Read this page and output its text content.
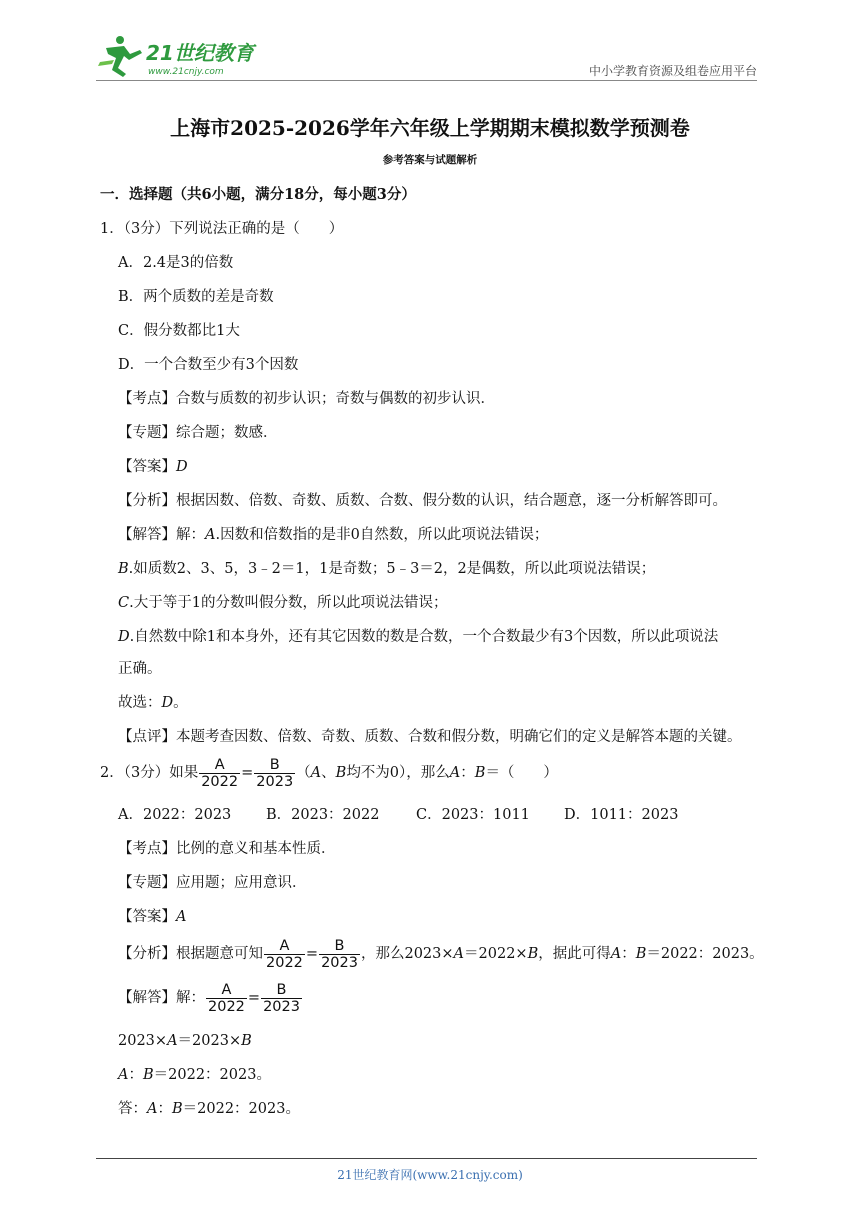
21世纪教育
www.21cnjy.com	中小学教育资源及组卷应用平台
上海市2025-2026学年六年级上学期期末模拟数学预测卷
参考答案与试题解析
一．选择题（共6小题，满分18分，每小题3分）
1．（3分）下列说法正确的是（　　）
A．2.4是3的倍数
B．两个质数的差是奇数
C．假分数都比1大
D．一个合数至少有3个因数
【考点】合数与质数的初步认识；奇数与偶数的初步认识．
【专题】综合题；数感．
【答案】D
【分析】根据因数、倍数、奇数、质数、合数、假分数的认识，结合题意，逐一分析解答即可。
【解答】解：A.因数和倍数指的是非0自然数，所以此项说法错误；
B.如质数2、3、5，3﹣2＝1，1是奇数；5﹣3＝2，2是偶数，所以此项说法错误；
C.大于等于1的分数叫假分数，所以此项说法错误；
D.自然数中除1和本身外，还有其它因数的数是合数，一个合数最少有3个因数，所以此项说法
正确。
故选：D。
【点评】本题考查因数、倍数、奇数、质数、合数和假分数，明确它们的定义是解答本题的关键。
2．（3分）如果 $\frac{A}{2022} = \frac{B}{2023} (A$、B均不为0），那么A：B＝（　　）
A．2022：2023 B．2023：2022	C．2023：1011 D．1011：2023
【考点】比例的意义和基本性质．
【专题】应用题；应用意识．
【答案】A
【分析】根据题意可知 $\frac{A}{2022} = \frac{B}{2023}$ ，那么2023×A＝2022×B，据此可得A：B＝2022：2023。
【解答】解： $\frac{A}{2022} = \frac{B}{2023}$
2023×A＝2023×B
A：B＝2022：2023。
答：A：B＝2022：2023。
21世纪教育网(www.21cnjy.com)
